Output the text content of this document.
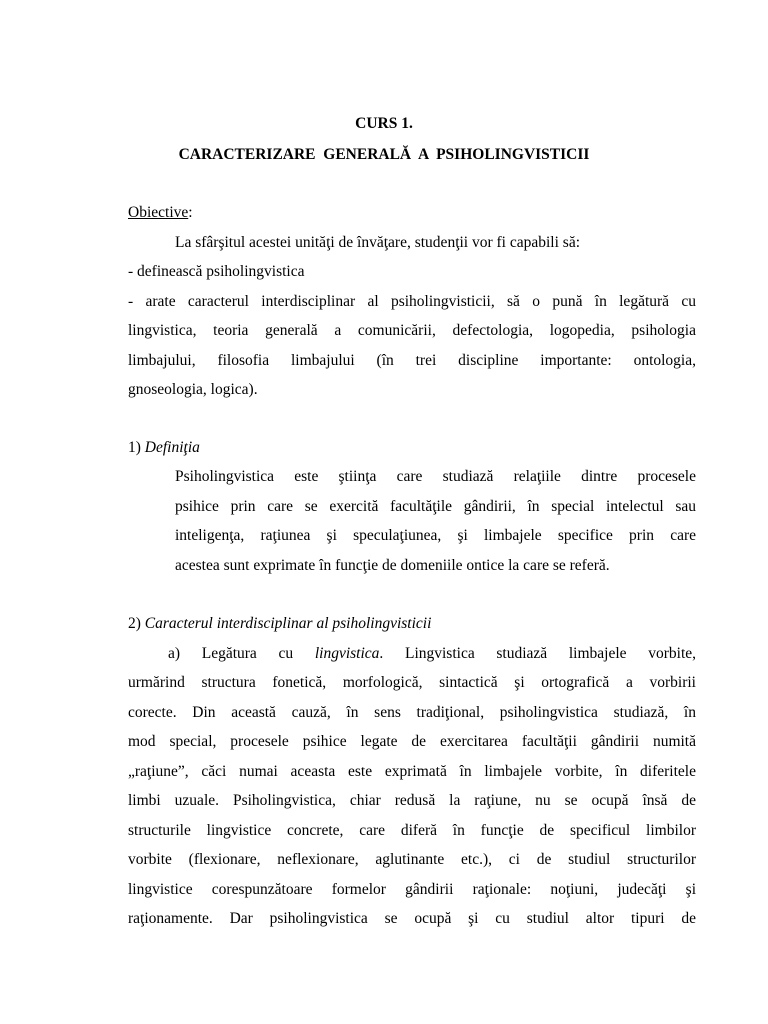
CURS 1.
CARACTERIZARE  GENERALĂ  A  PSIHOLINGVISTICII
Obiective:
La sfârşitul acestei unităţi de învăţare, studenţii vor fi capabili să:
- definească psiholingvistica
- arate caracterul interdisciplinar al psiholingvisticii, să o pună în legătură cu
lingvistica, teoria generală a comunicării, defectologia, logopedia, psihologia
limbajului, filosofia limbajului (în trei discipline importante: ontologia,
gnoseologia, logica).
1) Definiţia
Psiholingvistica este ştiinţa care studiază relaţiile dintre procesele
psihice prin care se exercită facultăţile gândirii, în special intelectul sau
inteligenţa, raţiunea şi speculaţiunea, şi limbajele specifice prin care
acestea sunt exprimate în funcţie de domeniile ontice la care se referă.
2) Caracterul interdisciplinar al psiholingvisticii
a) Legătura cu lingvistica. Lingvistica studiază limbajele vorbite,
urmărind structura fonetică, morfologică, sintactică şi ortografică a vorbirii
corecte. Din această cauză, în sens tradiţional, psiholingvistica studiază, în
mod special, procesele psihice legate de exercitarea facultăţii gândirii numită
„raţiune”, căci numai aceasta este exprimată în limbajele vorbite, în diferitele
limbi uzuale. Psiholingvistica, chiar redusă la raţiune, nu se ocupă însă de
structurile lingvistice concrete, care diferă în funcţie de specificul limbilor
vorbite (flexionare, neflexionare, aglutinante etc.), ci de studiul structurilor
lingvistice corespunzătoare formelor gândirii raţionale: noţiuni, judecăţi şi
raţionamente. Dar psiholingvistica se ocupă şi cu studiul altor tipuri de
